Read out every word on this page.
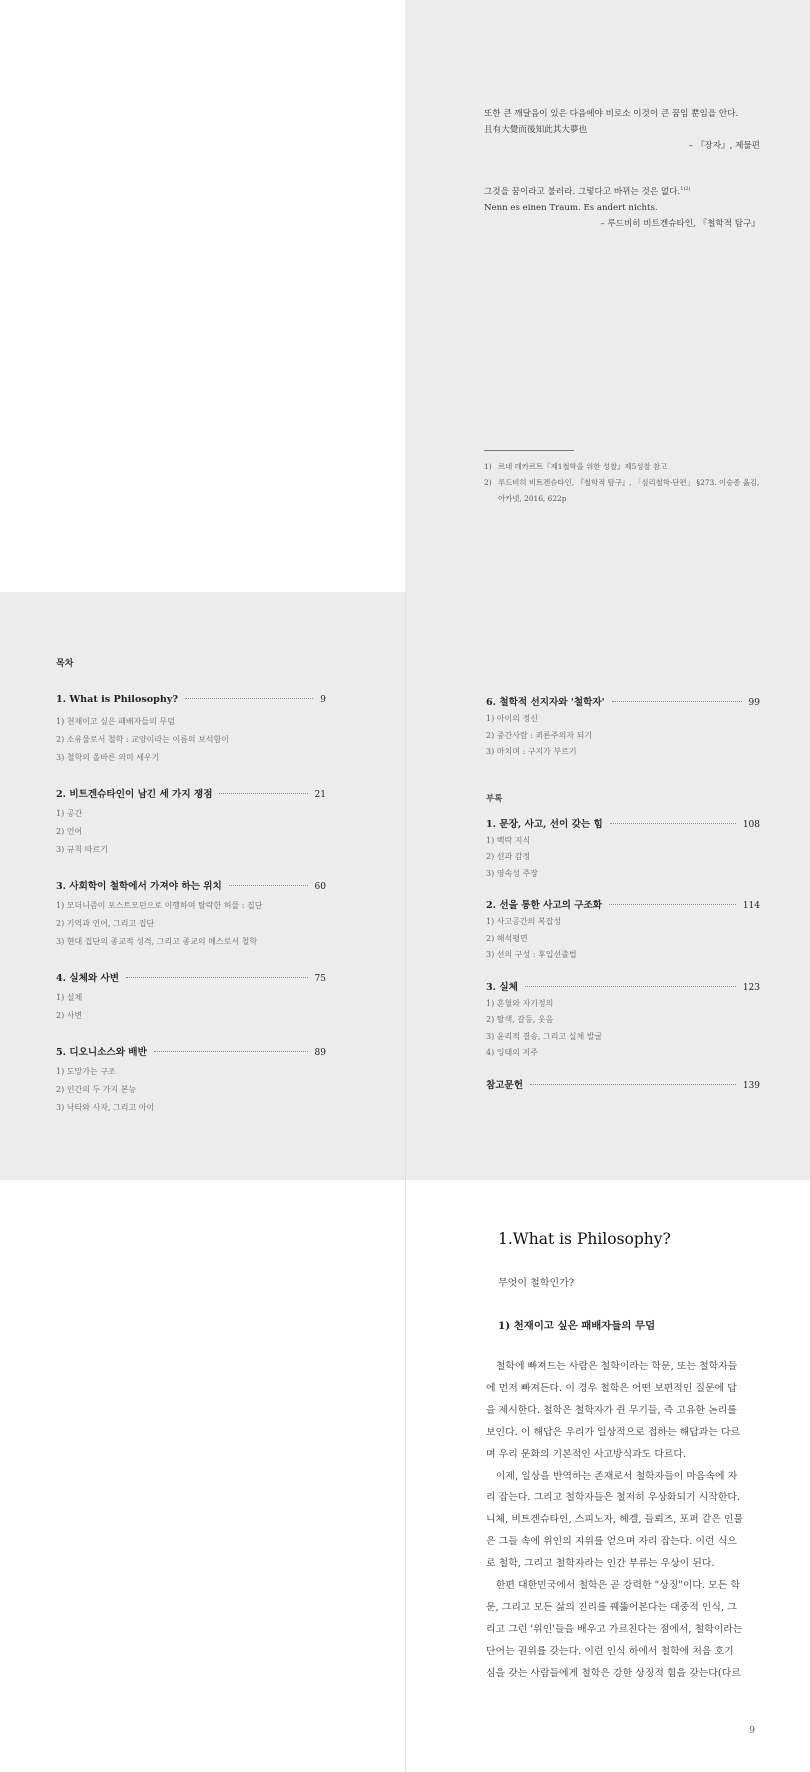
또한 큰 깨달음이 있은 다음에야 비로소 이것이 큰 꿈임 뿐임을 안다.
且有大覺而後知此其大夢也
– 『장자』, 제물편
그것을 꿈이라고 불러라. 그렇다고 바뀌는 것은 없다.$^{1)2)}$
Nenn es einen Traum. Es andert nichts.
– 루드비히 비트겐슈타인, 『철학적 탐구』
1) 르네 데카르트『제1철학을 위한 성찰』제5성찰 참고
2) 루드비히 비트겐슈타인, 『철학적 탐구』, 「심리철학-단편」 §273. 이승종 옮김, 아카넷, 2016, 622p
목차
1. What is Philosophy?	9
1) 천재이고 싶은 패배자들의 무덤
2) 소유물로서 철학 : 교양이라는 이름의 보석함이
3) 철학의 올바른 의미 세우기
2. 비트겐슈타인이 남긴 세 가지 쟁점	21
1) 공간
2) 언어
3) 규칙 따르기
3. 사회학이 철학에서 가져야 하는 위치	60
1) 모더니즘이 포스트모던으로 이행하며 탈락한 허물 : 집단
2) 기억과 언어, 그리고 집단
3) 현대 집단의 종교적 성격, 그리고 종교의 메스로서 철학
4. 실체와 사변	75
1) 실체
2) 사변
5. 디오니소스와 배반	89
1) 도망가는 구조
2) 인간의 두 가지 본능
3) 낙타와 사자, 그리고 아이
6. 철학적 선지자와 '철학자'	99
1) 아이의 정신
2) 중간사람 : 쾨론주의자 되기
3) 마치며 : 구지가 부르기
부록
1. 문장, 사고, 선이 갖는 힘	108
1) 백락 지식
2) 선과 감정
3) 영속성 주장
2. 선을 통한 사고의 구조화	114
1) 사고공간의 복잡성
2) 해석평면
3) 선의 구성 : 후입선출법
3. 실체	123
1) 흔혈와 자기정의
2) 탈색, 갈등, 웃음
3) 윤리적 결송, 그리고 실체 발굴
4) 잉태의 저주
참고문헌	139
1.What is Philosophy?
무엇이 철학인가?
1) 천재이고 싶은 패배자들의 무덤
　철학에 빠져드는 사람은 철학이라는 학문, 또는 철학자들
에 먼저 빠져든다. 이 경우 철학은 어떤 보편적인 질문에 답
을 제시한다. 철학은 철학자가 쥔 무기들, 즉 고유한 논리를
보인다. 이 해답은 우리가 일상적으로 접하는 해답과는 다르
며 우리 문화의 기본적인 사고방식과도 다르다.
　이제, 일상을 반역하는 존재로서 철학자들이 마음속에 자
리 잡는다. 그리고 철학자들은 철저히 우상화되기 시작한다.
니체, 비트겐슈타인, 스피노자, 헤겔, 들뢰즈, 포퍼 같은 인물
은 그들 속에 위인의 지위를 얻으며 자리 잡는다. 이런 식으
로 철학, 그리고 철학자라는 인간 부류는 우상이 된다.
　한편 대한민국에서 철학은 곧 강력한 "상징"이다. 모든 학
문, 그리고 모든 삶의 진리를 꿰뚫어본다는 대중적 인식, 그
리고 그런 '위인'들을 배우고 가르친다는 점에서, 철학이라는
단어는 권위를 갖는다. 이런 인식 하에서 철학에 처음 호기
심을 갖는 사람들에게 철학은 강한 상징적 힘을 갖는다(다르
9
